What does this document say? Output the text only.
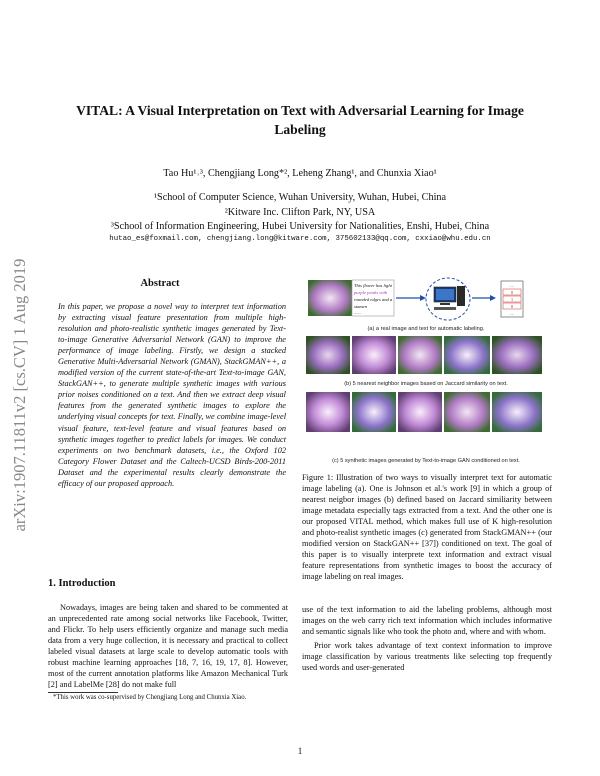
arXiv:1907.11811v2 [cs.CV] 1 Aug 2019
VITAL: A Visual Interpretation on Text with Adversarial Learning for Image
Labeling
Tao Hu¹˒³, Chengjiang Long*², Leheng Zhang¹, and Chunxia Xiao¹
¹School of Computer Science, Wuhan University, Wuhan, Hubei, China
²Kitware Inc. Clifton Park, NY, USA
³School of Information Engineering, Hubei University for Nationalities, Enshi, Hubei, China
hutao_es@foxmail.com, chengjiang.long@kitware.com, 375602133@qq.com, cxxiao@whu.edu.cn
Abstract
In this paper, we propose a novel way to interpret text information by extracting visual feature presentation from multiple high-resolution and photo-realistic synthetic images generated by Text-to-image Generative Adversarial Network (GAN) to improve the performance of image labeling. Firstly, we design a stacked Generative Multi-Adversarial Network (GMAN), StackGMAN++, a modified version of the current state-of-the-art Text-to-image GAN, StackGAN++, to generate multiple synthetic images with various prior noises conditioned on a text. And then we extract deep visual features from the generated synthetic images to explore the underlying visual concepts for text. Finally, we combine image-level visual feature, text-level feature and visual features based on synthetic images together to predict labels for images. We conduct experiments on two benchmark datasets, i.e., the Oxford 102 Category Flower Dataset and the Caltech-UCSD Birds-200-2011 Dataset and the experimental results clearly demonstrate the efficacy of our proposed approach.
1. Introduction
Nowadays, images are being taken and shared to be commented at an unprecedented rate among social networks like Facebook, Twitter, and Flickr. To help users efficiently organize and manage such media data from a very huge collection, it is necessary and practical to collect labeled visual datasets at large scale to develop automatic tools with robust machine learning approaches [18, 7, 16, 19, 17, 8]. However, most of the current annotation platforms like Amazon Mechanical Turk [2] and LabelMe [28] do not make full
*This work was co-supervised by Chengjiang Long and Chunxia Xiao.
1
This flower has light
purple petals with
rounded edges and a
stamen
......
...
0
1
0
...
(a) a real image and text for automatic labeling.
(b) 5 nearest neighbor images based on Jaccard similarity on text.
(c) 5 synthetic images generated by Text-to-image GAN conditioned on text.
Figure 1: Illustration of two ways to visually interpret text for automatic image labeling (a). One is Johnson et al.'s work [9] in which a group of nearest neigbor images (b) defined based on Jaccard similiarity between image metadata especially tags extracted from a text. And the other one is our proposed VITAL method, which makes full use of K high-resolution and photo-realist synthetic images (c) generated from StackGMAN++ (our modified version on StackGAN++ [37]) conditioned on text. The goal of this paper is to visually interprete text information and extract visual feature representations from synthetic images to boost the accuracy of image labeling on real images.

use of the text information to aid the labeling problems, although most images on the web carry rich text information which includes informative and semantic signals like who took the photo and, where and with whom.

Prior work takes advantage of text context information to improve image classification by various treatments like selecting top frequently used words and user-generated
